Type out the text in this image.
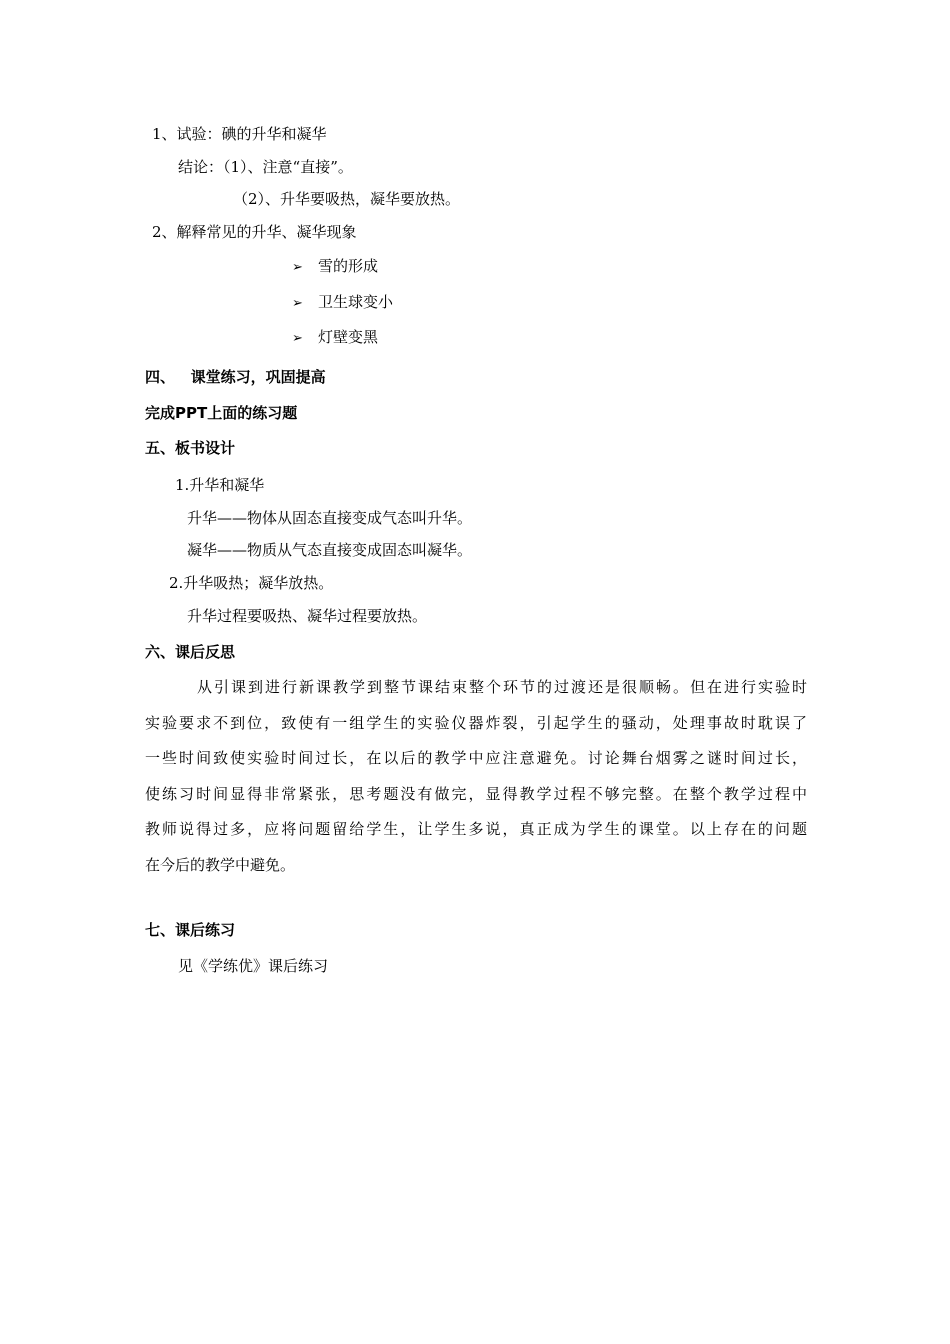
1、试验：碘的升华和凝华
结论：（1）、注意“直接”。
（2）、升华要吸热，凝华要放热。
2、解释常见的升华、凝华现象
➢ 雪的形成
➢ 卫生球变小
➢ 灯壁变黑
四、   课堂练习，巩固提高
完成PPT上面的练习题
五、板书设计
1.升华和凝华
升华——物体从固态直接变成气态叫升华。
凝华——物质从气态直接变成固态叫凝华。
2.升华吸热；凝华放热。
升华过程要吸热、凝华过程要放热。
六、课后反思
从引课到进行新课教学到整节课结束整个环节的过渡还是很顺畅。但在进行实验时
实验要求不到位，致使有一组学生的实验仪器炸裂，引起学生的骚动，处理事故时耽误了
一些时间致使实验时间过长，在以后的教学中应注意避免。讨论舞台烟雾之谜时间过长，
使练习时间显得非常紧张，思考题没有做完，显得教学过程不够完整。在整个教学过程中
教师说得过多，应将问题留给学生，让学生多说，真正成为学生的课堂。以上存在的问题
在今后的教学中避免。
七、课后练习
见《学练优》课后练习
